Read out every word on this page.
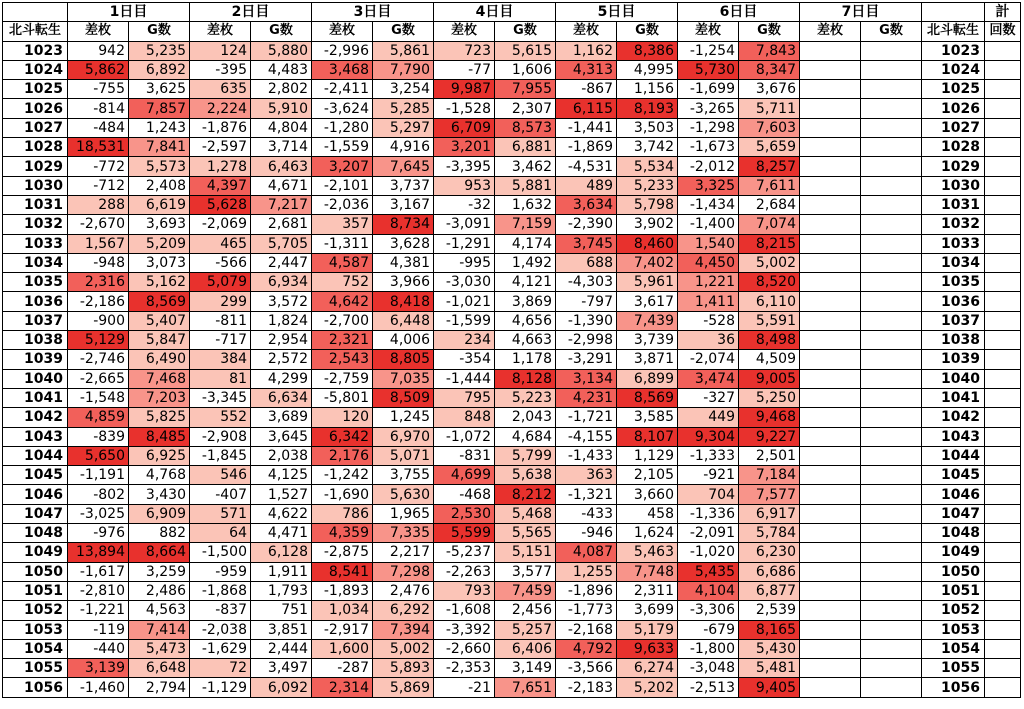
	1日目		2日目		3日目		4日目		5日目		6日目		7日目			計
北斗転生	差枚	G数	差枚	G数	差枚	G数	差枚	G数	差枚	G数	差枚	G数	差枚	G数	北斗転生	回数
1023	942	5,235	124	5,880	-2,996	5,861	723	5,615	1,162	8,386	-1,254	7,843			1023	
1024	5,862	6,892	-395	4,483	3,468	7,790	-77	1,606	4,313	4,995	5,730	8,347			1024	
1025	-755	3,625	635	2,802	-2,411	3,254	9,987	7,955	-867	1,156	-1,699	3,676			1025	
1026	-814	7,857	2,224	5,910	-3,624	5,285	-1,528	2,307	6,115	8,193	-3,265	5,711			1026	
1027	-484	1,243	-1,876	4,804	-1,280	5,297	6,709	8,573	-1,441	3,503	-1,298	7,603			1027	
1028	18,531	7,841	-2,597	3,714	-1,559	4,916	3,201	6,881	-1,869	3,742	-1,673	5,659			1028	
1029	-772	5,573	1,278	6,463	3,207	7,645	-3,395	3,462	-4,531	5,534	-2,012	8,257			1029	
1030	-712	2,408	4,397	4,671	-2,101	3,737	953	5,881	489	5,233	3,325	7,611			1030	
1031	288	6,619	5,628	7,217	-2,036	3,167	-32	1,632	3,634	5,798	-1,434	2,684			1031	
1032	-2,670	3,693	-2,069	2,681	357	8,734	-3,091	7,159	-2,390	3,902	-1,400	7,074			1032	
1033	1,567	5,209	465	5,705	-1,311	3,628	-1,291	4,174	3,745	8,460	1,540	8,215			1033	
1034	-948	3,073	-566	2,447	4,587	4,381	-995	1,492	688	7,402	4,450	5,002			1034	
1035	2,316	5,162	5,079	6,934	752	3,966	-3,030	4,121	-4,303	5,961	1,221	8,520			1035	
1036	-2,186	8,569	299	3,572	4,642	8,418	-1,021	3,869	-797	3,617	1,411	6,110			1036	
1037	-900	5,407	-811	1,824	-2,700	6,448	-1,599	4,656	-1,390	7,439	-528	5,591			1037	
1038	5,129	5,847	-717	2,954	2,321	4,006	234	4,663	-2,998	3,739	36	8,498			1038	
1039	-2,746	6,490	384	2,572	2,543	8,805	-354	1,178	-3,291	3,871	-2,074	4,509			1039	
1040	-2,665	7,468	81	4,299	-2,759	7,035	-1,444	8,128	3,134	6,899	3,474	9,005			1040	
1041	-1,548	7,203	-3,345	6,634	-5,801	8,509	795	5,223	4,231	8,569	-327	5,250			1041	
1042	4,859	5,825	552	3,689	120	1,245	848	2,043	-1,721	3,585	449	9,468			1042	
1043	-839	8,485	-2,908	3,645	6,342	6,970	-1,072	4,684	-4,155	8,107	9,304	9,227			1043	
1044	5,650	6,925	-1,845	2,038	2,176	5,071	-831	5,799	-1,433	1,129	-1,333	2,501			1044	
1045	-1,191	4,768	546	4,125	-1,242	3,755	4,699	5,638	363	2,105	-921	7,184			1045	
1046	-802	3,430	-407	1,527	-1,690	5,630	-468	8,212	-1,321	3,660	704	7,577			1046	
1047	-3,025	6,909	571	4,622	786	1,965	2,530	5,468	-433	458	-1,336	6,917			1047	
1048	-976	882	64	4,471	4,359	7,335	5,599	5,565	-946	1,624	-2,091	5,784			1048	
1049	13,894	8,664	-1,500	6,128	-2,875	2,217	-5,237	5,151	4,087	5,463	-1,020	6,230			1049	
1050	-1,617	3,259	-959	1,911	8,541	7,298	-2,263	3,577	1,255	7,748	5,435	6,686			1050	
1051	-2,810	2,486	-1,868	1,793	-1,893	2,476	793	7,459	-1,896	2,311	4,104	6,877			1051	
1052	-1,221	4,563	-837	751	1,034	6,292	-1,608	2,456	-1,773	3,699	-3,306	2,539			1052	
1053	-119	7,414	-2,038	3,851	-2,917	7,394	-3,392	5,257	-2,168	5,179	-679	8,165			1053	
1054	-440	5,473	-1,629	2,444	1,600	5,002	-2,660	6,406	4,792	9,633	-1,800	5,430			1054	
1055	3,139	6,648	72	3,497	-287	5,893	-2,353	3,149	-3,566	6,274	-3,048	5,481			1055	
1056	-1,460	2,794	-1,129	6,092	2,314	5,869	-21	7,651	-2,183	5,202	-2,513	9,405			1056	
